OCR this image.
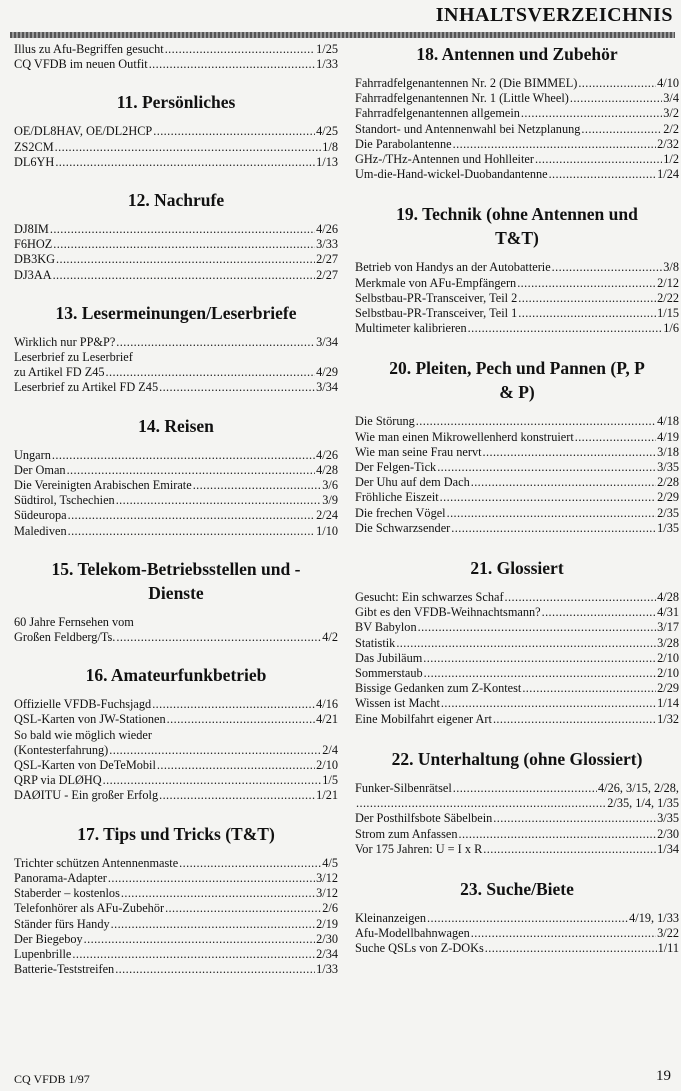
INHALTSVERZEICHNIS
Illus zu Afu-Begriffen gesucht .....	1/25
CQ VFDB im neuen Outfit .....	1/33
11. Persönliches
OE/DL8HAV, OE/DL2HCP .....	4/25
ZS2CM .....	1/8
DL6YH .....	1/13
12. Nachrufe
DJ8IM .....	4/26
F6HOZ .....	3/33
DB3KG .....	2/27
DJ3AA .....	2/27
13. Lesermeinungen/Leserbriefe
Wirklich nur PP&P? .....	3/34
Leserbrief zu Leserbrief
zu Artikel FD Z45 .....	4/29
Leserbrief zu Artikel FD Z45 .....	3/34
14. Reisen
Ungarn .....	4/26
Der Oman .....	4/28
Die Vereinigten Arabischen Emirate .....	3/6
Südtirol, Tschechien .....	3/9
Südeuropa .....	2/24
Malediven .....	1/10
15. Telekom-Betriebsstellen und -Dienste
60 Jahre Fernsehen vom
Großen Feldberg/Ts. .....	4/2
16. Amateurfunkbetrieb
Offizielle VFDB-Fuchsjagd .....	4/16
QSL-Karten von JW-Stationen .....	4/21
So bald wie möglich wieder
(Kontesterfahrung) .....	2/4
QSL-Karten von DeTeMobil .....	2/10
QRP via DLØHQ .....	1/5
DAØITU - Ein großer Erfolg .....	1/21
17. Tips und Tricks (T&T)
Trichter schützen Antennenmaste .....	4/5
Panorama-Adapter .....	3/12
Staberder – kostenlos .....	3/12
Telefonhörer als AFu-Zubehör .....	2/6
Ständer fürs Handy .....	2/19
Der Biegeboy .....	2/30
Lupenbrille .....	2/34
Batterie-Teststreifen .....	1/33
18. Antennen und Zubehör
Fahrradfelgenantennen Nr. 2 (Die BIMMEL) .....	4/10
Fahrradfelgenantennen Nr. 1 (Little Wheel) .....	3/4
Fahrradfelgenantennen allgemein .....	3/2
Standort- und Antennenwahl bei Netzplanung .....	2/2
Die Parabolantenne .....	2/32
GHz-/THz-Antennen und Hohlleiter .....	1/2
Um-die-Hand-wickel-Duobandantenne .....	1/24
19. Technik (ohne Antennen und T&T)
Betrieb von Handys an der Autobatterie .....	3/8
Merkmale von AFu-Empfängern .....	2/12
Selbstbau-PR-Transceiver, Teil 2 .....	2/22
Selbstbau-PR-Transceiver, Teil 1 .....	1/15
Multimeter kalibrieren .....	1/6
20. Pleiten, Pech und Pannen (P, P & P)
Die Störung .....	4/18
Wie man einen Mikrowellenherd konstruiert .....	4/19
Wie man seine Frau nervt .....	3/18
Der Felgen-Tick .....	3/35
Der Uhu auf dem Dach .....	2/28
Fröhliche Eiszeit .....	2/29
Die frechen Vögel .....	2/35
Die Schwarzsender .....	1/35
21. Glossiert
Gesucht: Ein schwarzes Schaf .....	4/28
Gibt es den VFDB-Weihnachtsmann? .....	4/31
BV Babylon .....	3/17
Statistik .....	3/28
Das Jubiläum .....	2/10
Sommerstaub .....	2/10
Bissige Gedanken zum Z-Kontest .....	2/29
Wissen ist Macht .....	1/14
Eine Mobilfahrt eigener Art .....	1/32
22. Unterhaltung (ohne Glossiert)
Funker-Silbenrätsel .....	4/26, 3/15, 2/28,
.....
2/35, 1/4, 1/35
Der Posthilfsbote Säbelbein .....	3/35
Strom zum Anfassen .....	2/30
Vor 175 Jahren: U = I x R .....	1/34
23. Suche/Biete
Kleinanzeigen .....	4/19, 1/33
Afu-Modellbahnwagen .....	3/22
Suche QSLs von Z-DOKs .....	1/11
CQ VFDB 1/97	19
